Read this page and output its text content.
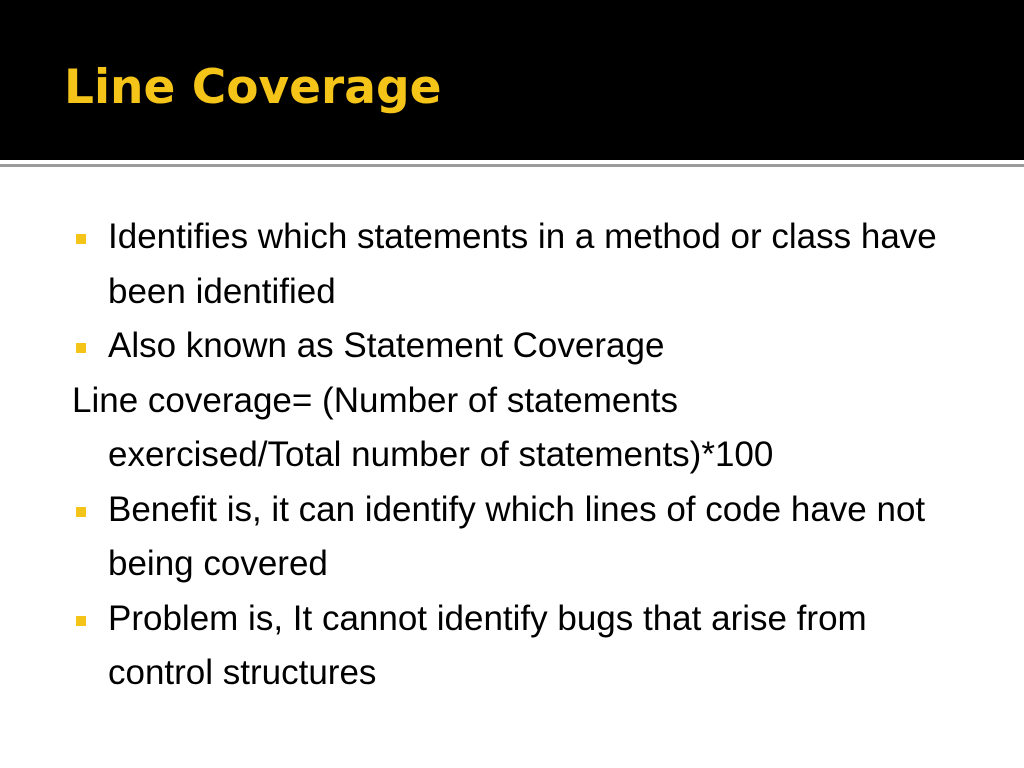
Line Coverage
Identifies which statements in a method or class have been identified
Also known as Statement Coverage
Line coverage= (Number of statements
exercised/Total number of statements)*100
Benefit is, it can identify which lines of code have not being covered
Problem is, It cannot identify bugs that arise from control structures
